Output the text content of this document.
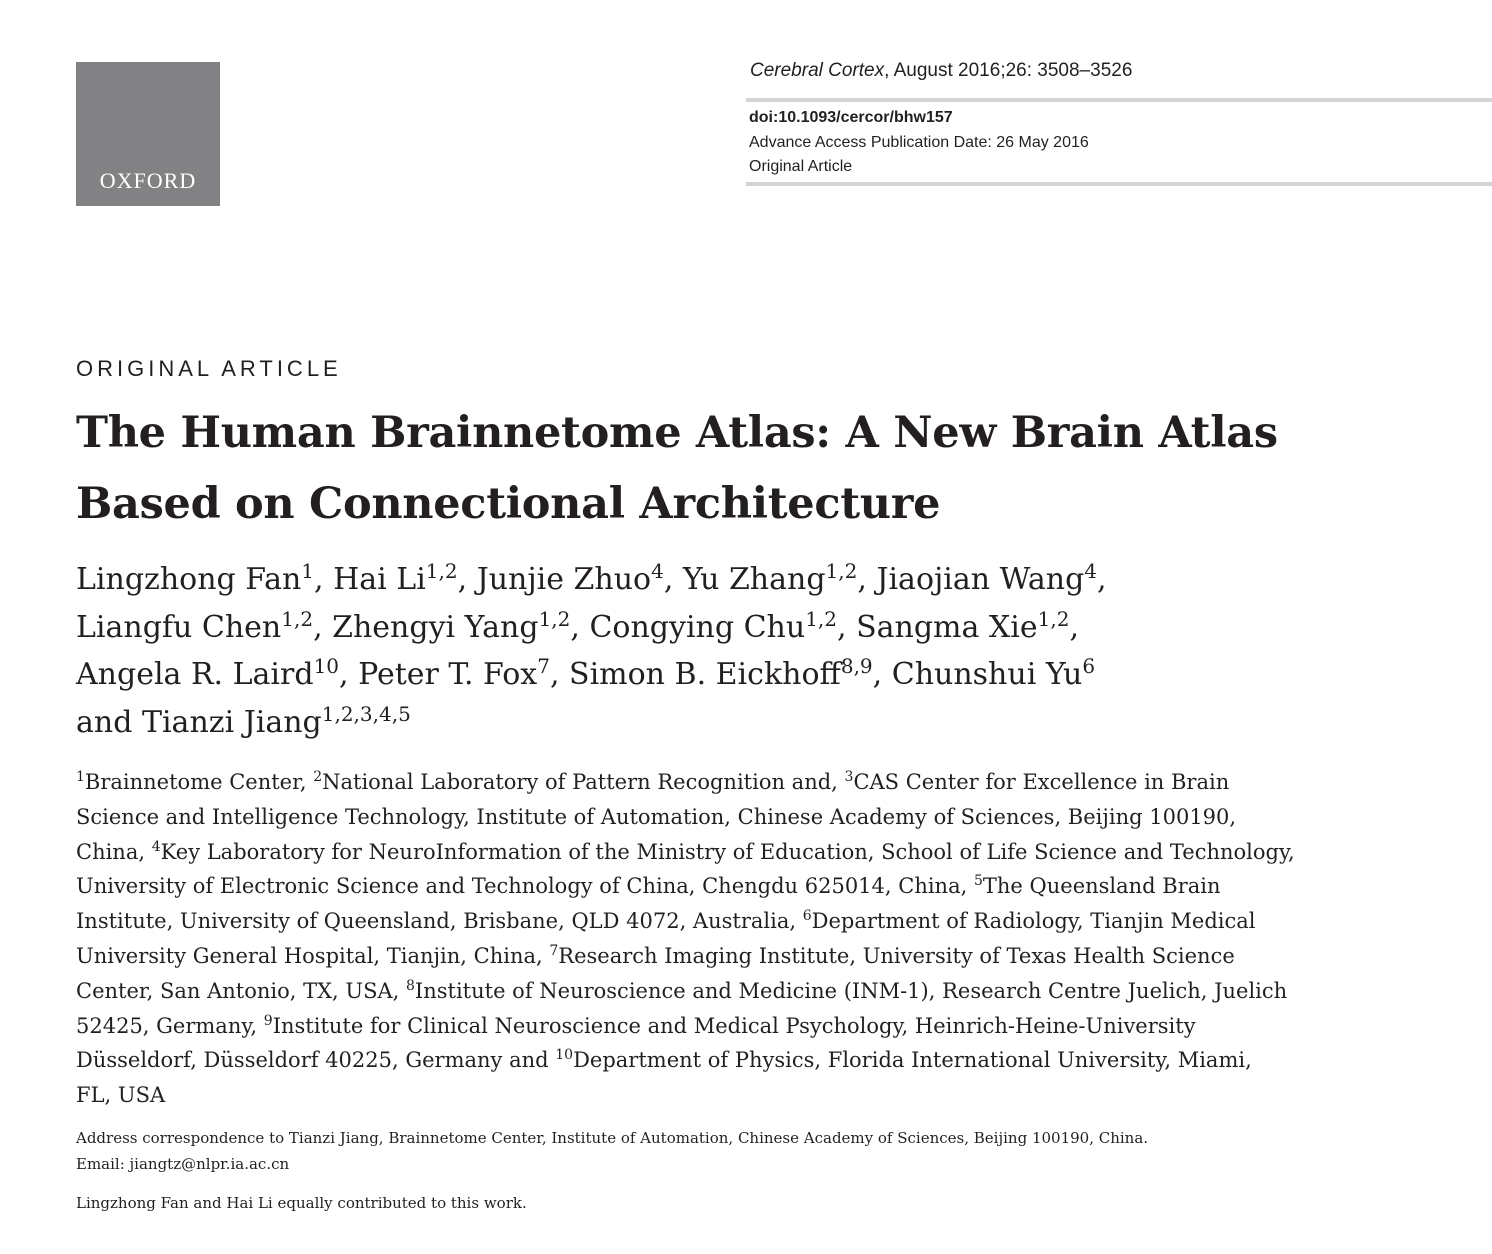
OXFORD
Cerebral Cortex, August 2016;26: 3508–3526
doi:10.1093/cercor/bhw157
Advance Access Publication Date: 26 May 2016
Original Article
ORIGINAL ARTICLE
The Human Brainnetome Atlas: A New Brain Atlas
Based on Connectional Architecture
Lingzhong Fan$^1$, Hai Li$^{1,2}$, Junjie Zhuo$^4$, Yu Zhang$^{1,2}$, Jiaojian Wang$^4$,
Liangfu Chen$^{1,2}$, Zhengyi Yang$^{1,2}$, Congying Chu$^{1,2}$, Sangma Xie$^{1,2}$,
Angela R. Laird$^{10}$, Peter T. Fox$^7$, Simon B. Eickhoff$^{8,9}$, Chunshui Yu$^6$
and Tianzi Jiang$^{1,2,3,4,5}$
$^1$Brainnetome Center, $^2$National Laboratory of Pattern Recognition and, $^3$CAS Center for Excellence in Brain
Science and Intelligence Technology, Institute of Automation, Chinese Academy of Sciences, Beijing 100190,
China, $^4$Key Laboratory for NeuroInformation of the Ministry of Education, School of Life Science and Technology,
University of Electronic Science and Technology of China, Chengdu 625014, China, $^5$The Queensland Brain
Institute, University of Queensland, Brisbane, QLD 4072, Australia, $^6$Department of Radiology, Tianjin Medical
University General Hospital, Tianjin, China, $^7$Research Imaging Institute, University of Texas Health Science
Center, San Antonio, TX, USA, $^8$Institute of Neuroscience and Medicine (INM-1), Research Centre Juelich, Juelich
52425, Germany, $^9$Institute for Clinical Neuroscience and Medical Psychology, Heinrich-Heine-University
Düsseldorf, Düsseldorf 40225, Germany and $^{10}$Department of Physics, Florida International University, Miami,
FL, USA
Address correspondence to Tianzi Jiang, Brainnetome Center, Institute of Automation, Chinese Academy of Sciences, Beijing 100190, China.
Email: jiangtz@nlpr.ia.ac.cn
Lingzhong Fan and Hai Li equally contributed to this work.
